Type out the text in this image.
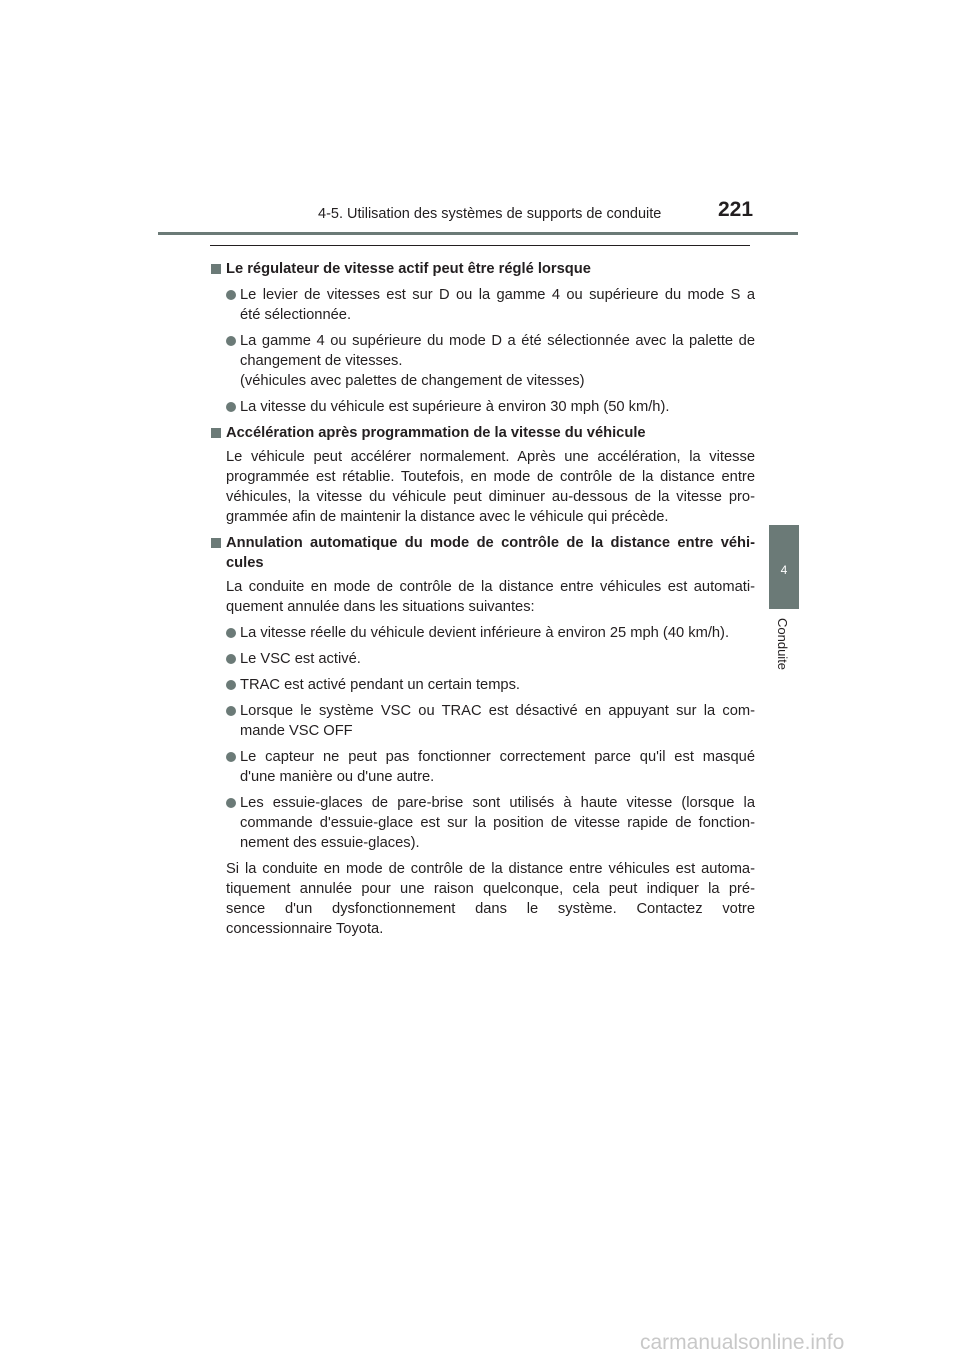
4-5. Utilisation des systèmes de supports de conduite	221
4
Conduite
Le régulateur de vitesse actif peut être réglé lorsque
Le levier de vitesses est sur D ou la gamme 4 ou supérieure du mode S a
été sélectionnée.
La gamme 4 ou supérieure du mode D a été sélectionnée avec la palette de
changement de vitesses.
(véhicules avec palettes de changement de vitesses)
La vitesse du véhicule est supérieure à environ 30 mph (50 km/h).
Accélération après programmation de la vitesse du véhicule
Le véhicule peut accélérer normalement. Après une accélération, la vitesse
programmée est rétablie. Toutefois, en mode de contrôle de la distance entre
véhicules, la vitesse du véhicule peut diminuer au-dessous de la vitesse pro-
grammée afin de maintenir la distance avec le véhicule qui précède.
Annulation automatique du mode de contrôle de la distance entre véhi-
cules
La conduite en mode de contrôle de la distance entre véhicules est automati-
quement annulée dans les situations suivantes:
La vitesse réelle du véhicule devient inférieure à environ 25 mph (40 km/h).
Le VSC est activé.
TRAC est activé pendant un certain temps.
Lorsque le système VSC ou TRAC est désactivé en appuyant sur la com-
mande VSC OFF
Le capteur ne peut pas fonctionner correctement parce qu'il est masqué
d'une manière ou d'une autre.
Les essuie-glaces de pare-brise sont utilisés à haute vitesse (lorsque la
commande d'essuie-glace est sur la position de vitesse rapide de fonction-
nement des essuie-glaces).
Si la conduite en mode de contrôle de la distance entre véhicules est automa-
tiquement annulée pour une raison quelconque, cela peut indiquer la pré-
sence d'un dysfonctionnement dans le système. Contactez votre
concessionnaire Toyota.
carmanualsonline.info
